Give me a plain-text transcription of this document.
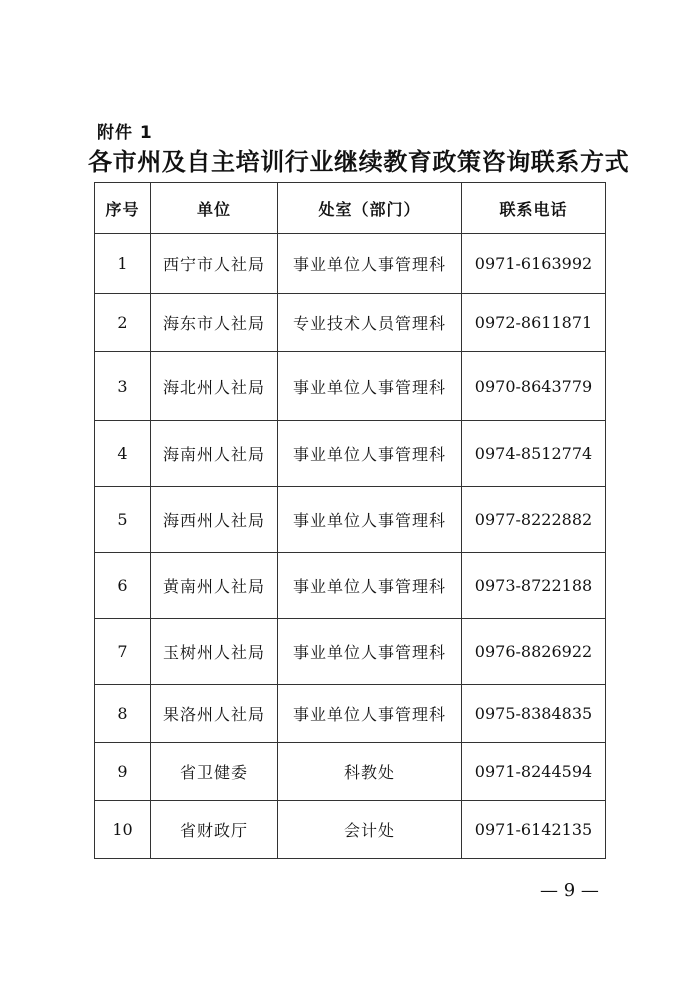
附件 1
各市州及自主培训行业继续教育政策咨询联系方式
序号	单位	处室（部门）	联系电话
1	西宁市人社局	事业单位人事管理科	0971-6163992
2	海东市人社局	专业技术人员管理科	0972-8611871
3	海北州人社局	事业单位人事管理科	0970-8643779
4	海南州人社局	事业单位人事管理科	0974-8512774
5	海西州人社局	事业单位人事管理科	0977-8222882
6	黄南州人社局	事业单位人事管理科	0973-8722188
7	玉树州人社局	事业单位人事管理科	0976-8826922
8	果洛州人社局	事业单位人事管理科	0975-8384835
9	省卫健委	科教处	0971-8244594
10	省财政厅	会计处	0971-6142135
— 9 —
